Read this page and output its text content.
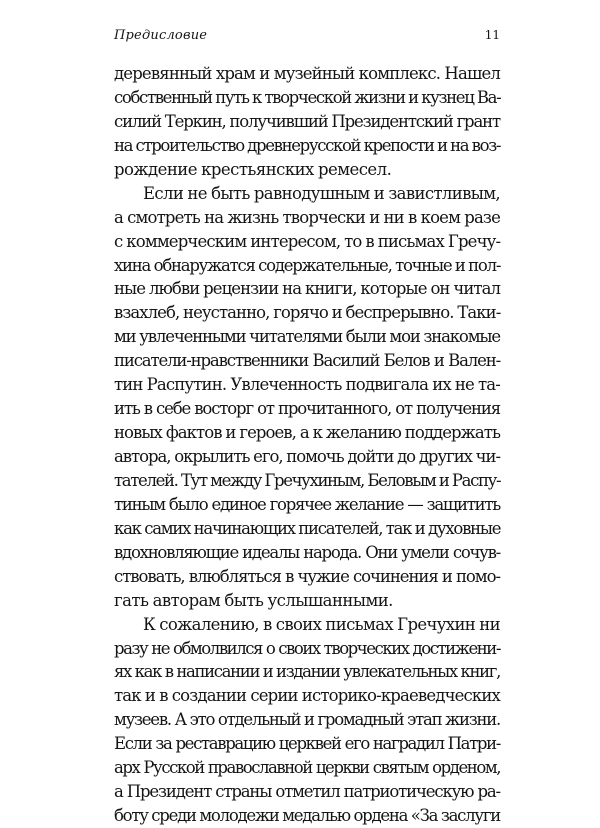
Предисловие	11
деревянный храм и музейный комплекс. Нашел
собственный путь к творческой жизни и кузнец Ва-
силий Теркин, получивший Президентский грант
на строительство древнерусской крепости и на воз-
рождение крестьянских ремесел.
Если не быть равнодушным и завистливым,
а смотреть на жизнь творчески и ни в коем разе
с коммерческим интересом, то в письмах Гречу-
хина обнаружатся содержательные, точные и пол-
ные любви рецензии на книги, которые он читал
взахлеб, неустанно, горячо и беспрерывно. Таки-
ми увлеченными читателями были мои знакомые
писатели-нравственники Василий Белов и Вален-
тин Распутин. Увлеченность подвигала их не та-
ить в себе восторг от прочитанного, от получения
новых фактов и героев, а к желанию поддержать
автора, окрылить его, помочь дойти до других чи-
тателей. Тут между Гречухиным, Беловым и Распу-
тиным было единое горячее желание — защитить
как самих начинающих писателей, так и духовные
вдохновляющие идеалы народа. Они умели сочув-
ствовать, влюбляться в чужие сочинения и помо-
гать авторам быть услышанными.
К сожалению, в своих письмах Гречухин ни
разу не обмолвился о своих творческих достижени-
ях как в написании и издании увлекательных книг,
так и в создании серии историко-краеведческих
музеев. А это отдельный и громадный этап жизни.
Если за реставрацию церквей его наградил Патри-
арх Русской православной церкви святым орденом,
а Президент страны отметил патриотическую ра-
боту среди молодежи медалью ордена «За заслуги
